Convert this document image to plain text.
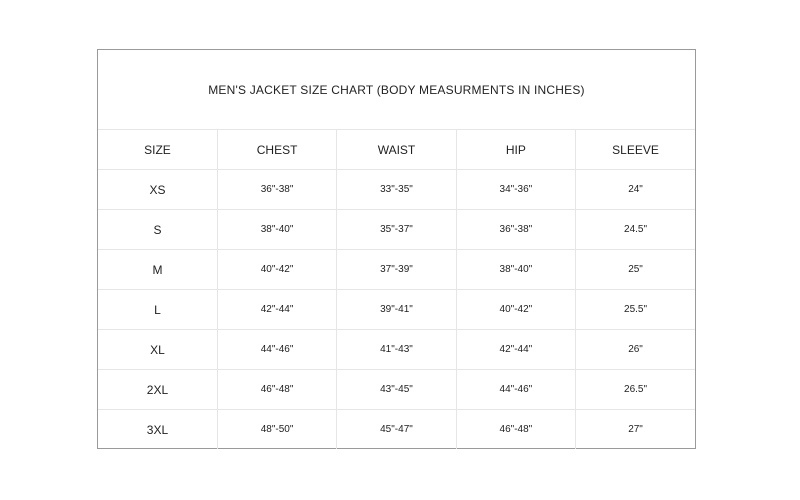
MEN'S JACKET SIZE CHART (BODY MEASURMENTS IN INCHES)
SIZE	CHEST	WAIST	HIP	SLEEVE
XS	36"-38"	33"-35"	34"-36"	24"
S	38"-40"	35"-37"	36"-38"	24.5"
M	40"-42"	37"-39"	38"-40"	25"
L	42"-44"	39"-41"	40"-42"	25.5"
XL	44"-46"	41"-43"	42"-44"	26"
2XL	46"-48"	43"-45"	44"-46"	26.5"
3XL	48"-50"	45"-47"	46"-48"	27"
